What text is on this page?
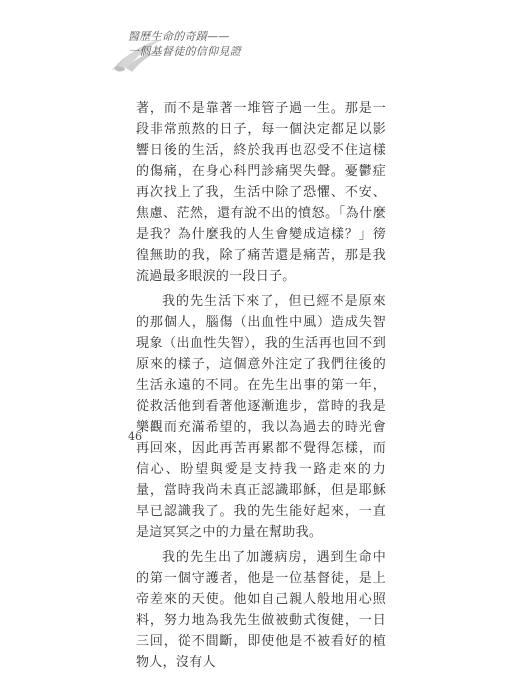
醫歷生命的奇蹟——
一個基督徒的信仰見證

著，而不是靠著一堆管子過一生。那是一段非常煎熬的日子，每一個決定都足以影響日後的生活，終於我再也忍受不住這樣的傷痛，在身心科門診痛哭失聲。憂鬱症再次找上了我，生活中除了恐懼、不安、焦慮、茫然，還有說不出的憤怒。「為什麼是我？為什麼我的人生會變成這樣？」徬徨無助的我，除了痛苦還是痛苦，那是我流過最多眼淚的一段日子。

我的先生活下來了，但已經不是原來的那個人，腦傷（出血性中風）造成失智現象（出血性失智），我的生活再也回不到原來的樣子，這個意外注定了我們往後的生活永遠的不同。在先生出事的第一年，從救活他到看著他逐漸進步，當時的我是樂觀而充滿希望的，我以為過去的時光會再回來，因此再苦再累都不覺得怎樣，而信心、盼望與愛是支持我一路走來的力量，當時我尚未真正認識耶穌，但是耶穌早已認識我了。我的先生能好起來，一直是這冥冥之中的力量在幫助我。

我的先生出了加護病房，遇到生命中的第一個守護者，他是一位基督徒，是上帝差來的天使。他如自己親人般地用心照料，努力地為我先生做被動式復健，一日三回，從不間斷，即使他是不被看好的植物人，沒有人

46
